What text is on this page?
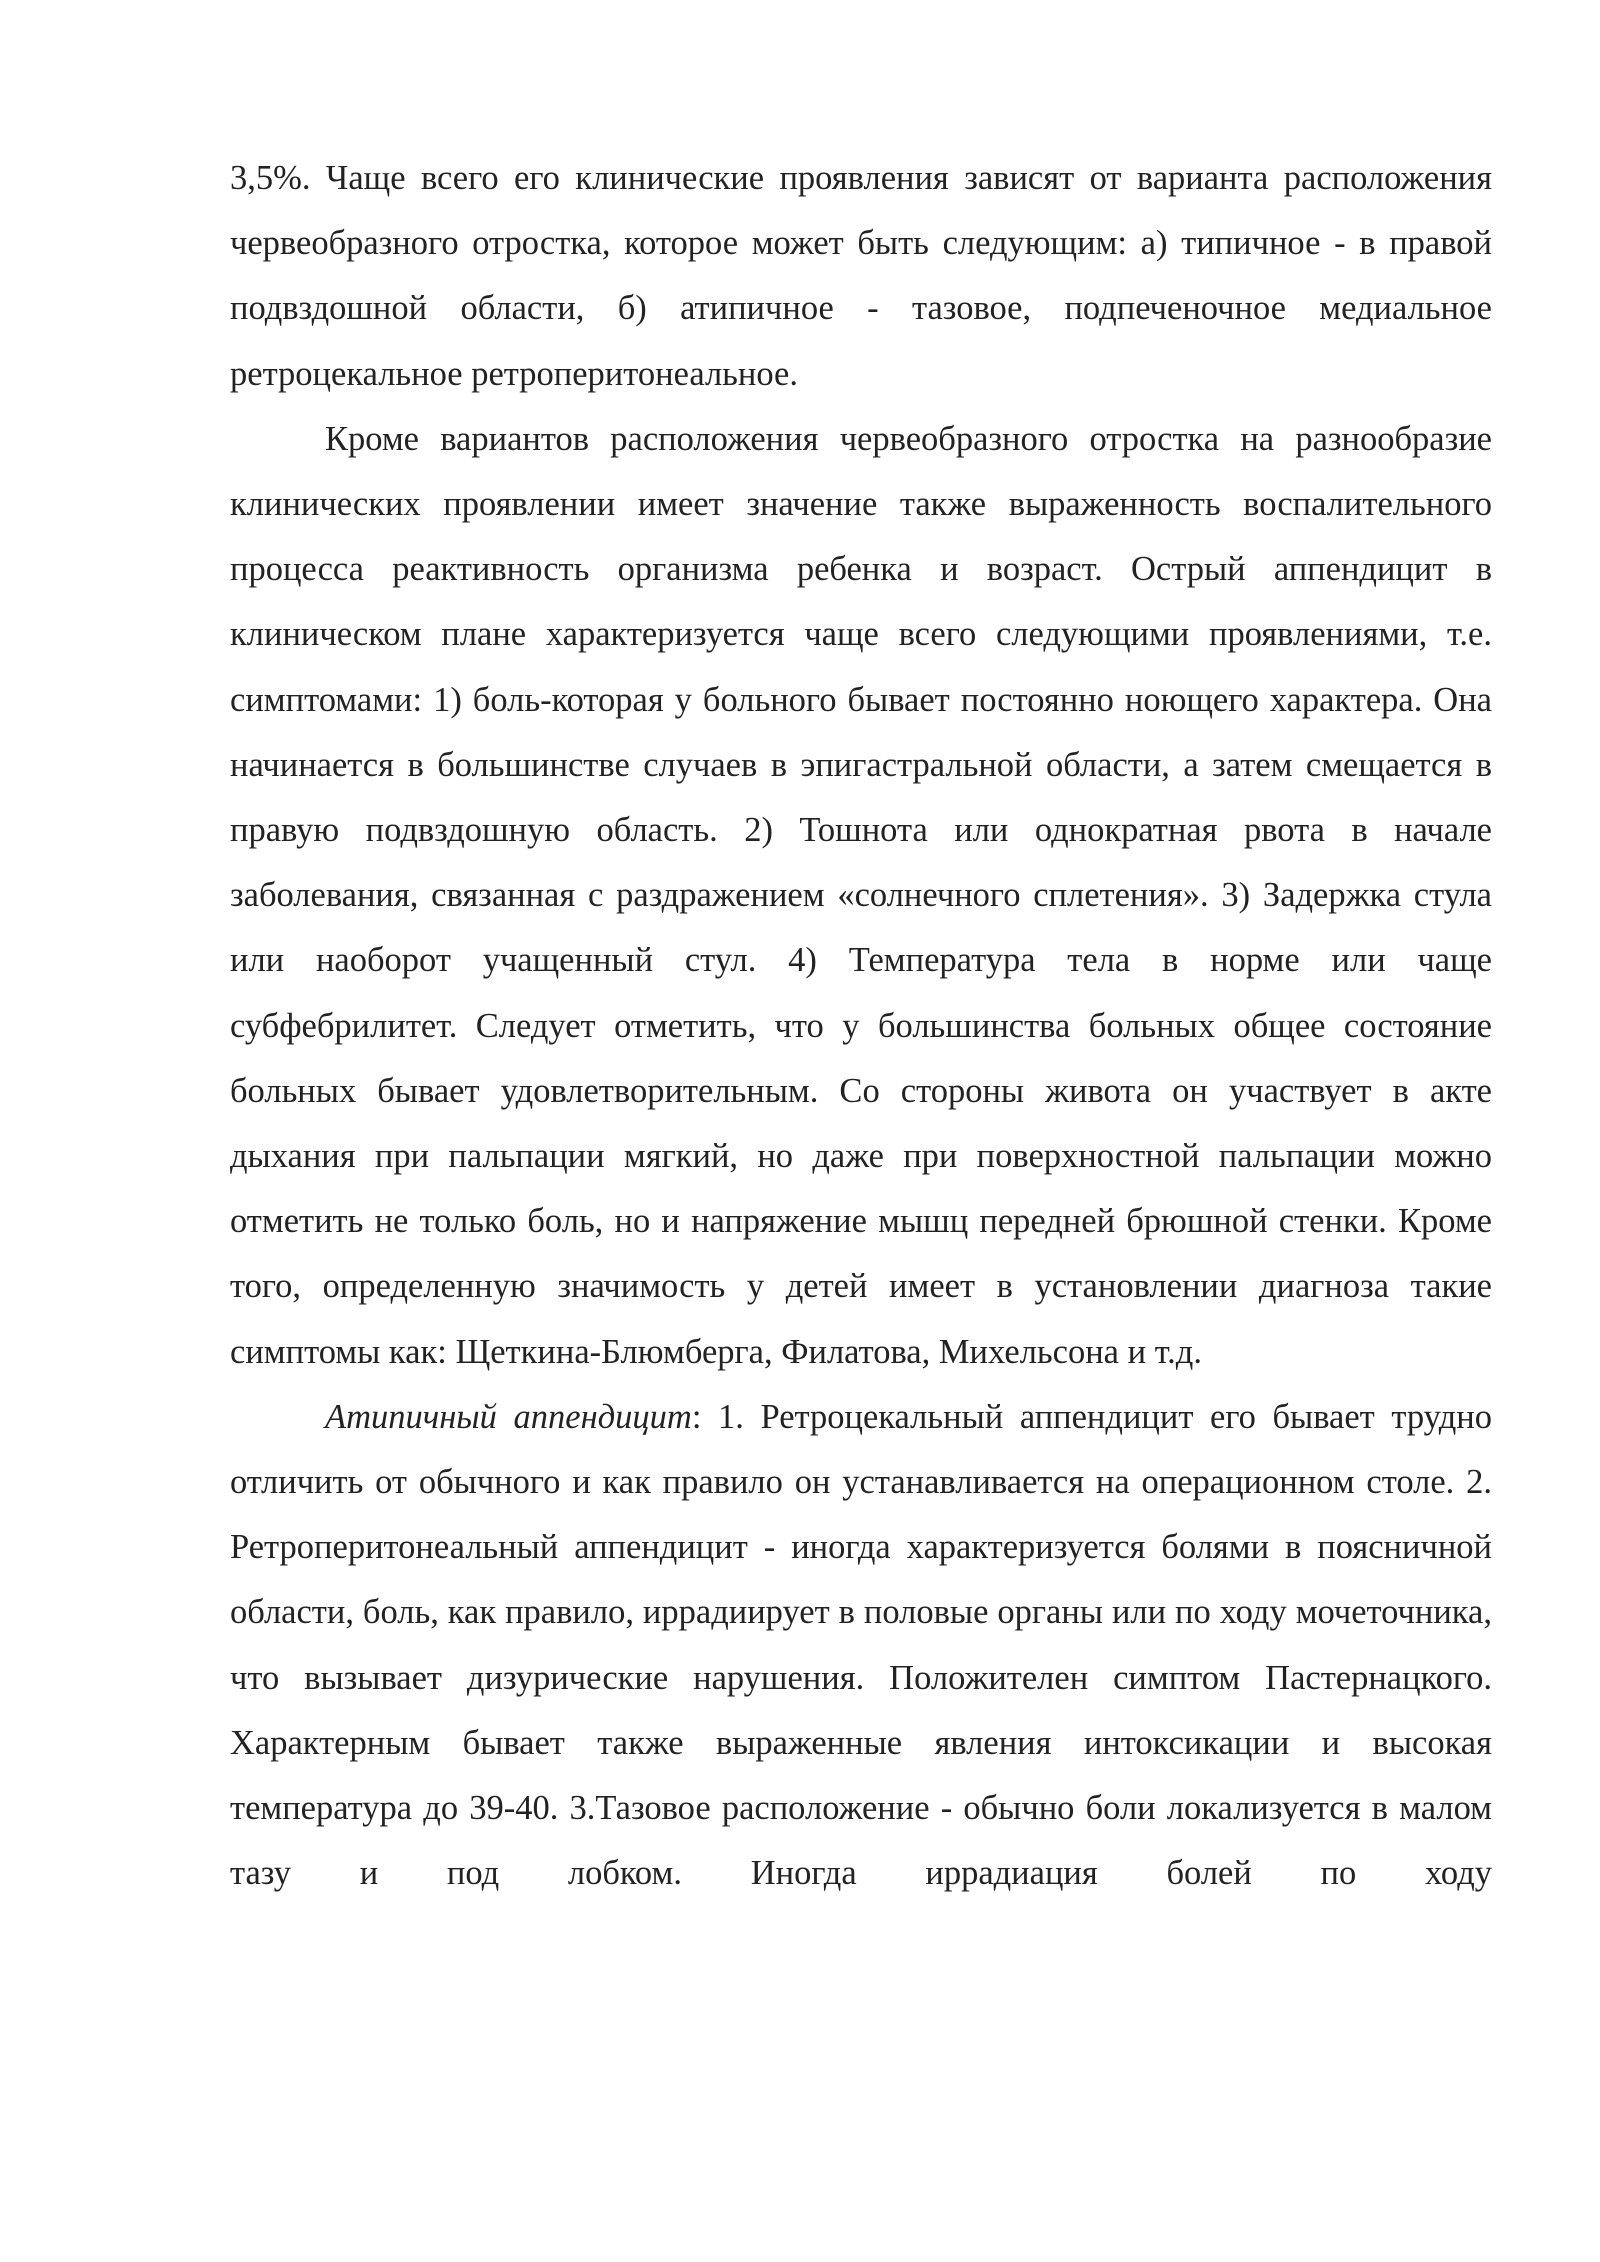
3,5%. Чаще всего его клинические проявления зависят от варианта расположения червеобразного отростка, которое может быть следующим: а) типичное - в правой подвздошной области, б) атипичное - тазовое, подпеченочное медиальное ретроцекальное ретроперитонеальное.

Кроме вариантов расположения червеобразного отростка на разнообразие клинических проявлении имеет значение также выраженность воспалительного процесса реактивность организма ребенка и возраст. Острый аппендицит в клиническом плане характеризуется чаще всего следующими проявлениями, т.е. симптомами: 1) боль-которая у больного бывает постоянно ноющего характера. Она начинается в большинстве случаев в эпигастральной области, а затем смещается в правую подвздошную область. 2) Тошнота или однократная рвота в начале заболевания, связанная с раздражением «солнечного сплетения». 3) Задержка стула или наоборот учащенный стул. 4) Температура тела в норме или чаще субфебрилитет. Следует отметить, что у большинства больных общее состояние больных бывает удовлетворительным. Со стороны живота он участвует в акте дыхания при пальпации мягкий, но даже при поверхностной пальпации можно отметить не только боль, но и напряжение мышц передней брюшной стенки. Кроме того, определенную значимость у детей имеет в установлении диагноза такие симптомы как: Щеткина-Блюмберга, Филатова, Михельсона и т.д.

Атипичный аппендицит: 1. Ретроцекальный аппендицит его бывает трудно отличить от обычного и как правило он устанавливается на операционном столе. 2. Ретроперитонеальный аппендицит - иногда характеризуется болями в поясничной области, боль, как правило, иррадиирует в половые органы или по ходу мочеточника, что вызывает дизурические нарушения. Положителен симптом Пастернацкого. Характерным бывает также выраженные явления интоксикации и высокая температура до 39-40. 3.Тазовое расположение - обычно боли локализуется в малом тазу и под лобком. Иногда иррадиация болей по ходу
